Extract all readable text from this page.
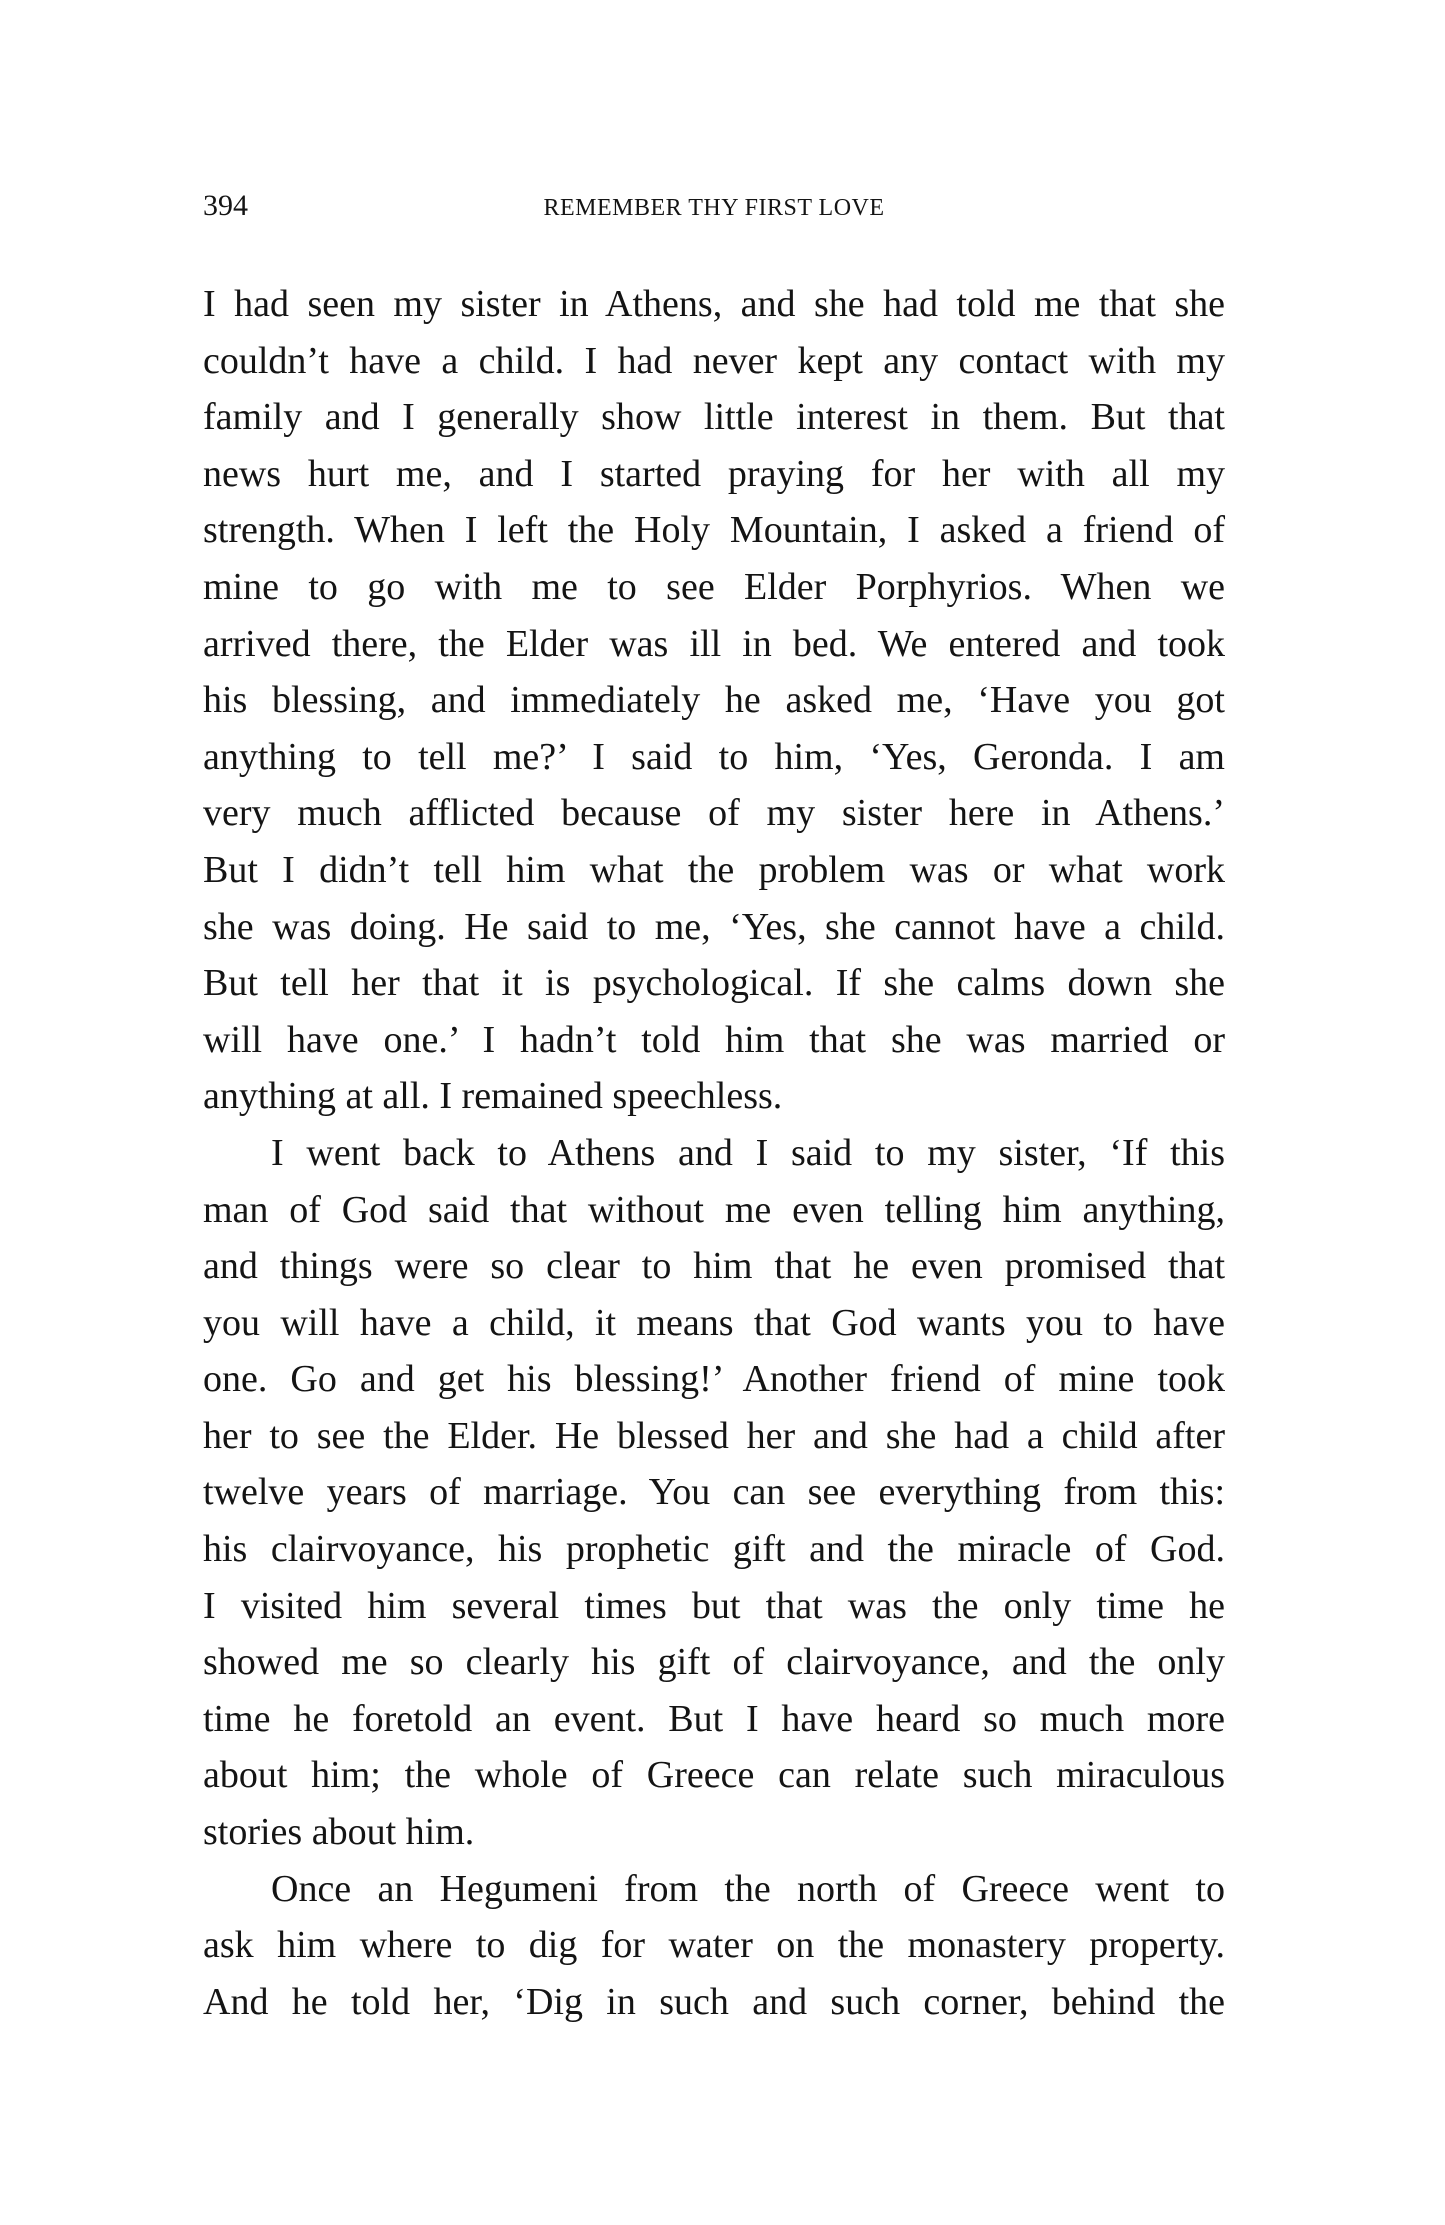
394	REMEMBER THY FIRST LOVE
I had seen my sister in Athens, and she had told me that she
couldn’t have a child. I had never kept any contact with my
family and I generally show little interest in them. But that
news hurt me, and I started praying for her with all my
strength. When I left the Holy Mountain, I asked a friend of
mine to go with me to see Elder Porphyrios. When we
arrived there, the Elder was ill in bed. We entered and took
his blessing, and immediately he asked me, ‘Have you got
anything to tell me?’ I said to him, ‘Yes, Geronda. I am
very much afflicted because of my sister here in Athens.’
But I didn’t tell him what the problem was or what work
she was doing. He said to me, ‘Yes, she cannot have a child.
But tell her that it is psychological. If she calms down she
will have one.’ I hadn’t told him that she was married or
anything at all. I remained speechless.
I went back to Athens and I said to my sister, ‘If this
man of God said that without me even telling him anything,
and things were so clear to him that he even promised that
you will have a child, it means that God wants you to have
one. Go and get his blessing!’ Another friend of mine took
her to see the Elder. He blessed her and she had a child after
twelve years of marriage. You can see everything from this:
his clairvoyance, his prophetic gift and the miracle of God.
I visited him several times but that was the only time he
showed me so clearly his gift of clairvoyance, and the only
time he foretold an event. But I have heard so much more
about him; the whole of Greece can relate such miraculous
stories about him.
Once an Hegumeni from the north of Greece went to
ask him where to dig for water on the monastery property.
And he told her, ‘Dig in such and such corner, behind the
